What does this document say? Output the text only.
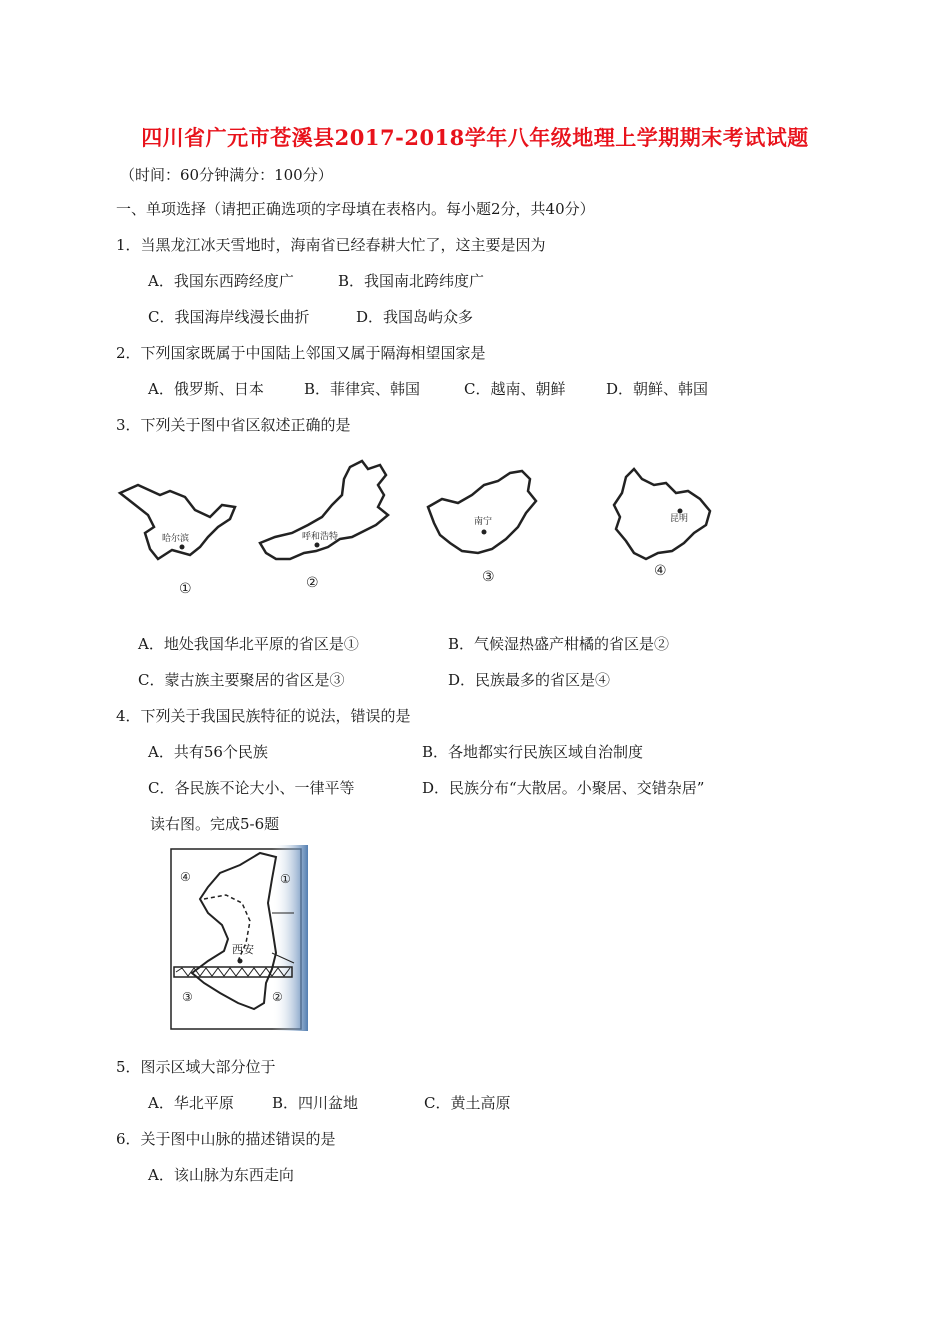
四川省广元市苍溪县2017-2018学年八年级地理上学期期末考试试题
（时间：60分钟满分：100分）
一、单项选择（请把正确选项的字母填在表格内。每小题2分，共40分）
1．当黑龙江冰天雪地时，海南省已经春耕大忙了，这主要是因为
A．我国东西跨经度广	B．我国南北跨纬度广
C．我国海岸线漫长曲折	D．我国岛屿众多
2．下列国家既属于中国陆上邻国又属于隔海相望国家是
A．俄罗斯、日本	B．菲律宾、韩国	C．越南、朝鲜	D．朝鲜、韩国
3．下列关于图中省区叙述正确的是
哈尔滨
①
呼和浩特
②
南宁
③
昆明
④
A．地处我国华北平原的省区是①	B．气候湿热盛产柑橘的省区是②
C．蒙古族主要聚居的省区是③	D．民族最多的省区是④
4．下列关于我国民族特征的说法，错误的是
A．共有56个民族	B．各地都实行民族区域自治制度
C．各民族不论大小、一律平等	D．民族分布“大散居。小聚居、交错杂居”
读右图。完成5-6题
西安
①
②
③
④
5．图示区域大部分位于
A．华北平原	B．四川盆地	C．黄土高原
6．关于图中山脉的描述错误的是
A．该山脉为东西走向
